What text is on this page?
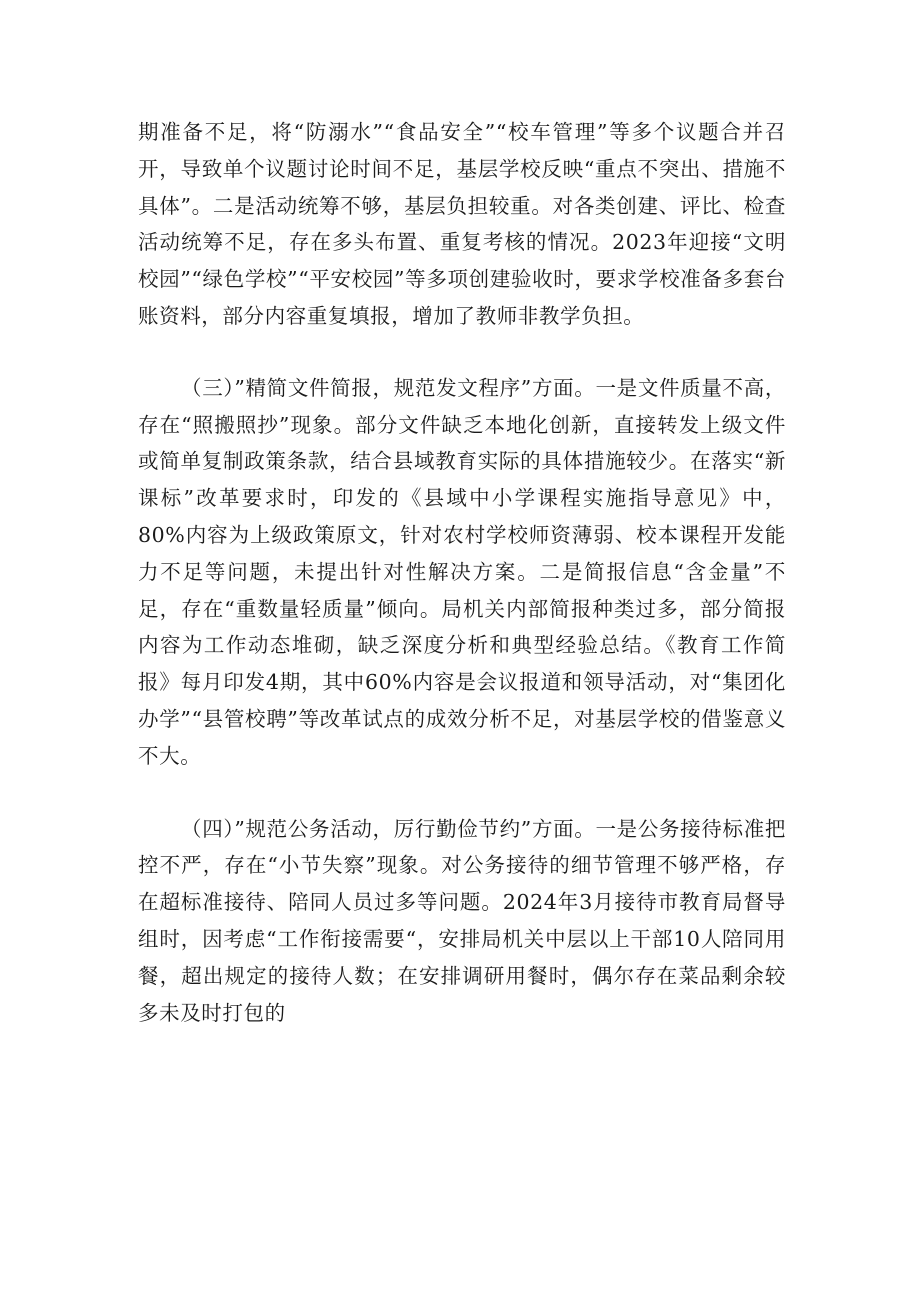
期准备不足，将“防溺水”“食品安全”“校车管理”等多个议题合并召开，导致单个议题讨论时间不足，基层学校反映“重点不突出、措施不具体”。二是活动统筹不够，基层负担较重。对各类创建、评比、检查活动统筹不足，存在多头布置、重复考核的情况。2023年迎接“文明校园”“绿色学校”“平安校园”等多项创建验收时，要求学校准备多套台账资料，部分内容重复填报，增加了教师非教学负担。

（三）”精简文件简报，规范发文程序”方面。一是文件质量不高，存在“照搬照抄”现象。部分文件缺乏本地化创新，直接转发上级文件或简单复制政策条款，结合县域教育实际的具体措施较少。在落实“新课标”改革要求时，印发的《县域中小学课程实施指导意见》中，80%内容为上级政策原文，针对农村学校师资薄弱、校本课程开发能力不足等问题，未提出针对性解决方案。二是简报信息“含金量”不足，存在“重数量轻质量”倾向。局机关内部简报种类过多，部分简报内容为工作动态堆砌，缺乏深度分析和典型经验总结。《教育工作简报》每月印发4期，其中60%内容是会议报道和领导活动，对“集团化办学”“县管校聘”等改革试点的成效分析不足，对基层学校的借鉴意义不大。

（四）”规范公务活动，厉行勤俭节约”方面。一是公务接待标准把控不严，存在“小节失察”现象。对公务接待的细节管理不够严格，存在超标准接待、陪同人员过多等问题。2024年3月接待市教育局督导组时，因考虑“工作衔接需要“，安排局机关中层以上干部10人陪同用餐，超出规定的接待人数；在安排调研用餐时，偶尔存在菜品剩余较多未及时打包的
